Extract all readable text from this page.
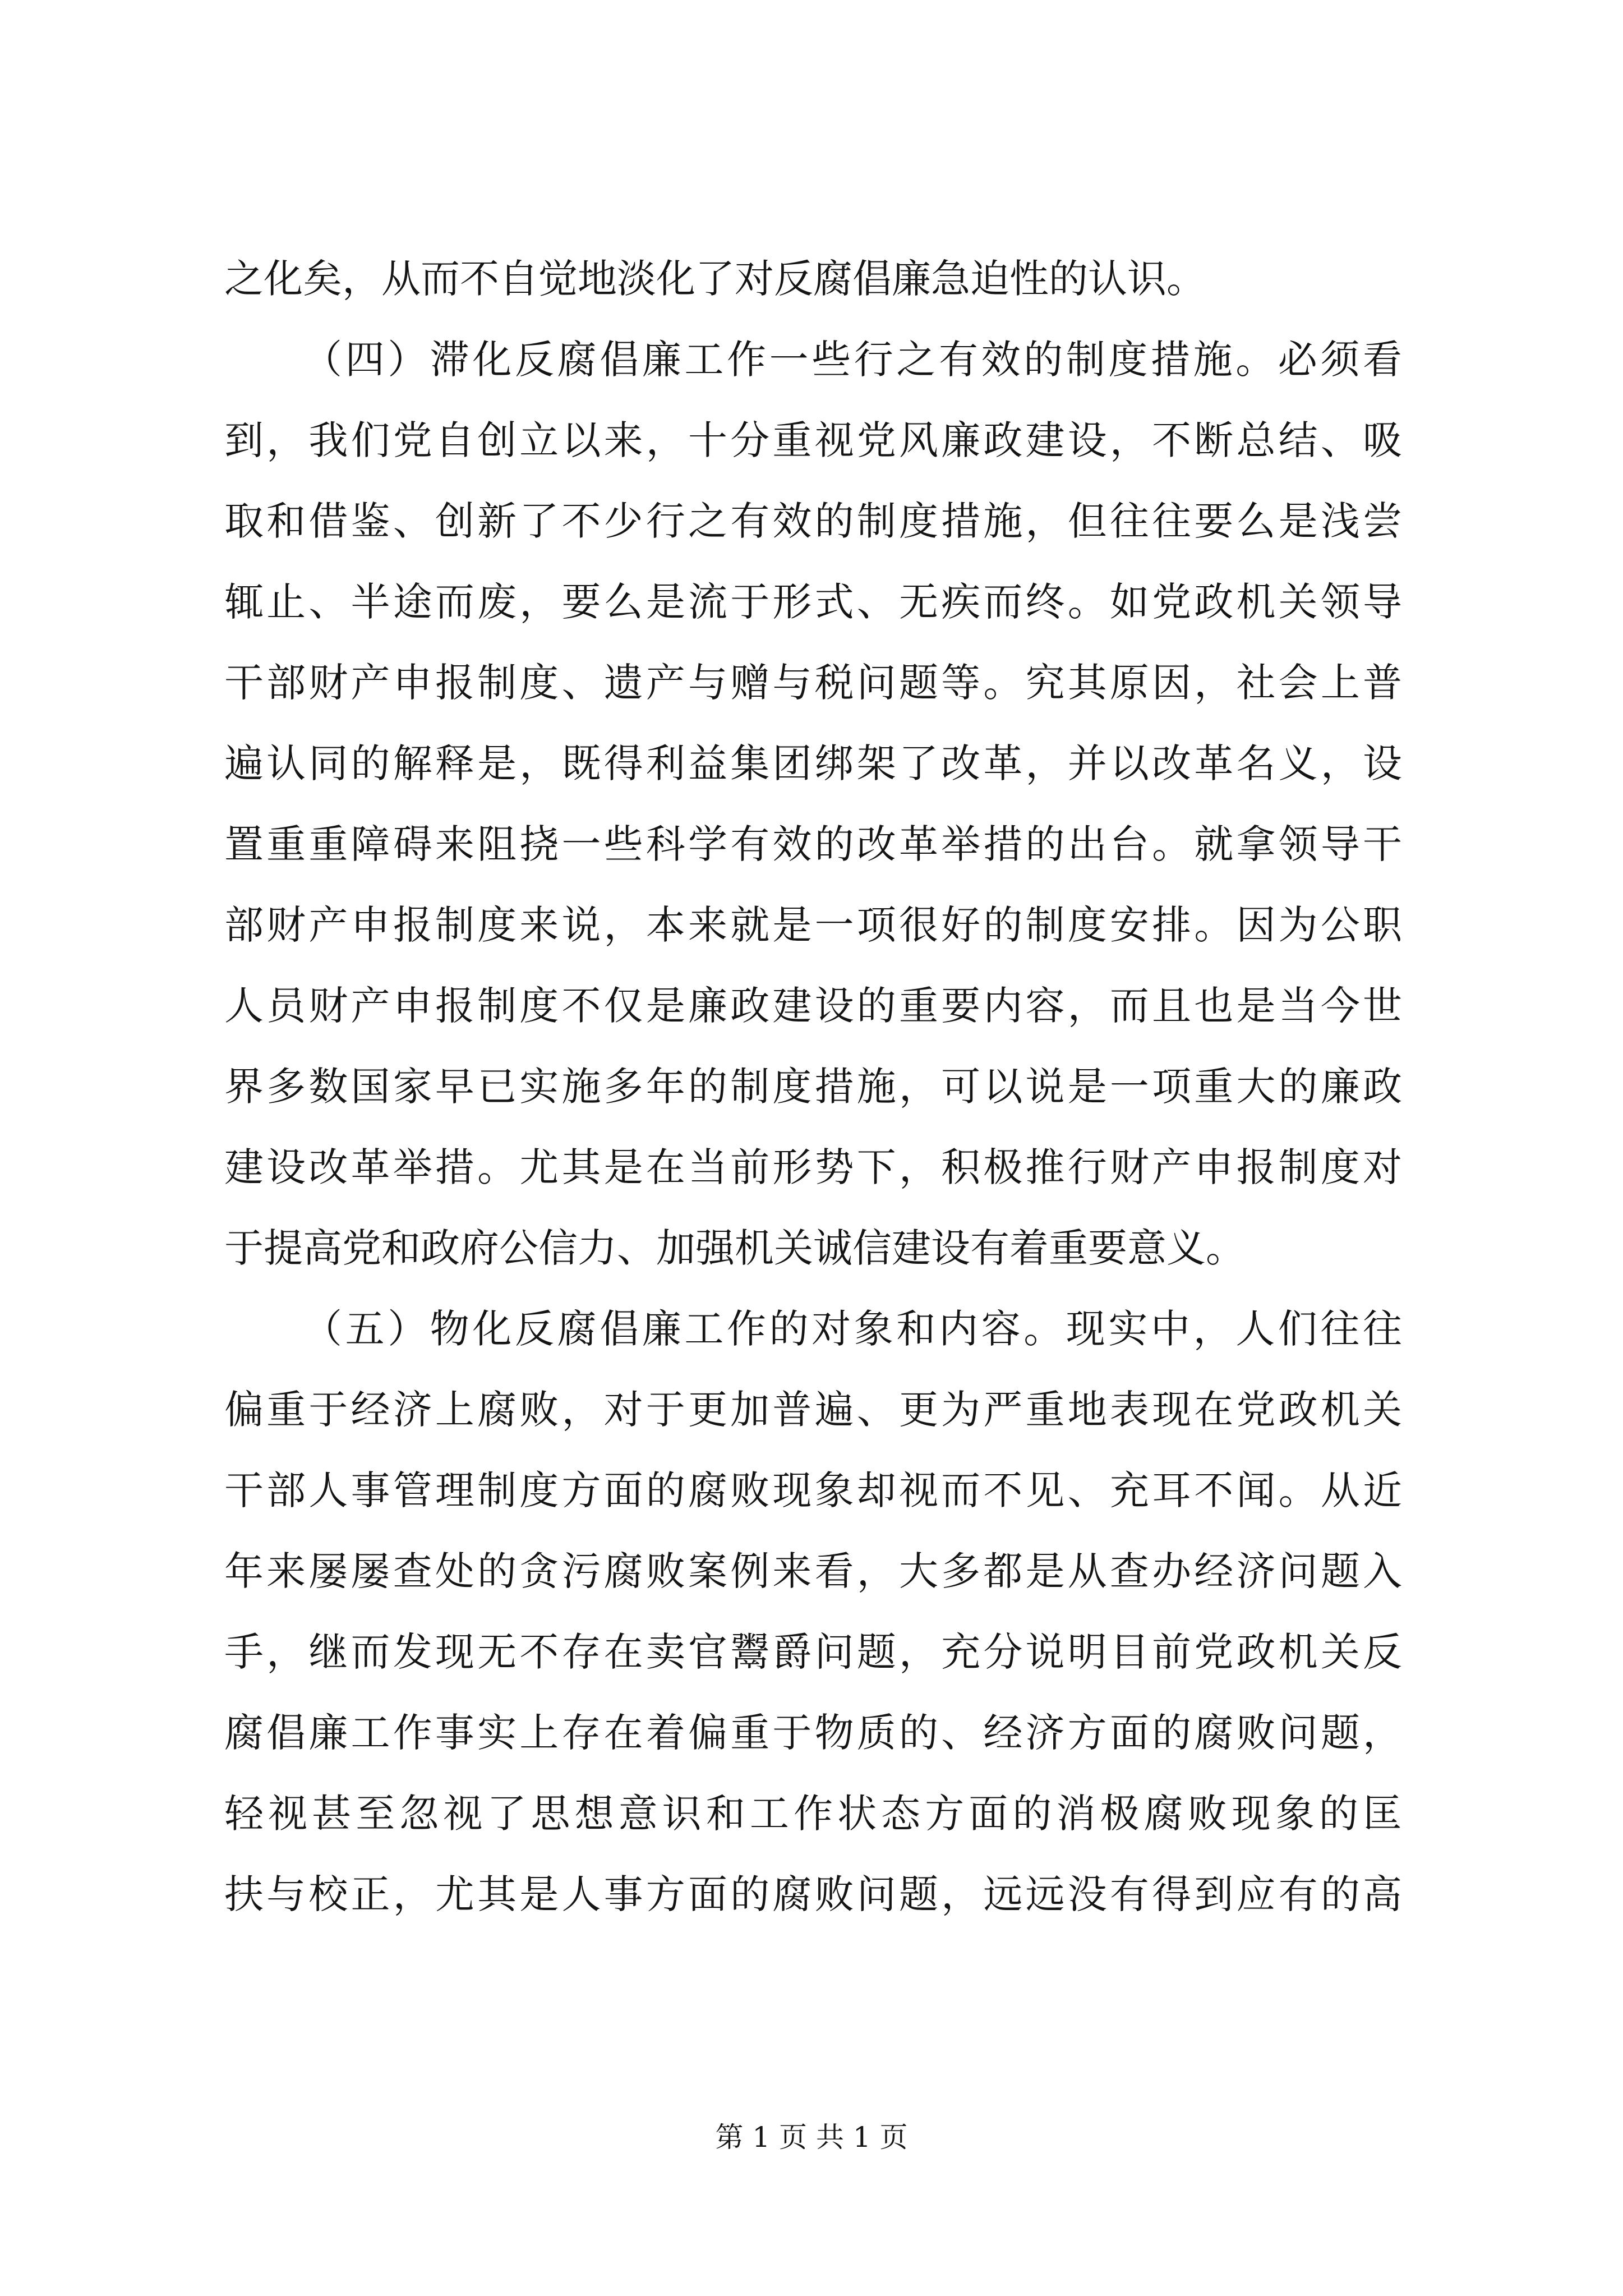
之化矣，从而不自觉地淡化了对反腐倡廉急迫性的认识。
（四）滞化反腐倡廉工作一些行之有效的制度措施。必须看
到，我们党自创立以来，十分重视党风廉政建设，不断总结、吸
取和借鉴、创新了不少行之有效的制度措施，但往往要么是浅尝
辄止、半途而废，要么是流于形式、无疾而终。如党政机关领导
干部财产申报制度、遗产与赠与税问题等。究其原因，社会上普
遍认同的解释是，既得利益集团绑架了改革，并以改革名义，设
置重重障碍来阻挠一些科学有效的改革举措的出台。就拿领导干
部财产申报制度来说，本来就是一项很好的制度安排。因为公职
人员财产申报制度不仅是廉政建设的重要内容，而且也是当今世
界多数国家早已实施多年的制度措施，可以说是一项重大的廉政
建设改革举措。尤其是在当前形势下，积极推行财产申报制度对
于提高党和政府公信力、加强机关诚信建设有着重要意义。
（五）物化反腐倡廉工作的对象和内容。现实中，人们往往
偏重于经济上腐败，对于更加普遍、更为严重地表现在党政机关
干部人事管理制度方面的腐败现象却视而不见、充耳不闻。从近
年来屡屡查处的贪污腐败案例来看，大多都是从查办经济问题入
手，继而发现无不存在卖官鬻爵问题，充分说明目前党政机关反
腐倡廉工作事实上存在着偏重于物质的、经济方面的腐败问题，
轻视甚至忽视了思想意识和工作状态方面的消极腐败现象的匡
扶与校正，尤其是人事方面的腐败问题，远远没有得到应有的高
第 1 页 共 1 页
